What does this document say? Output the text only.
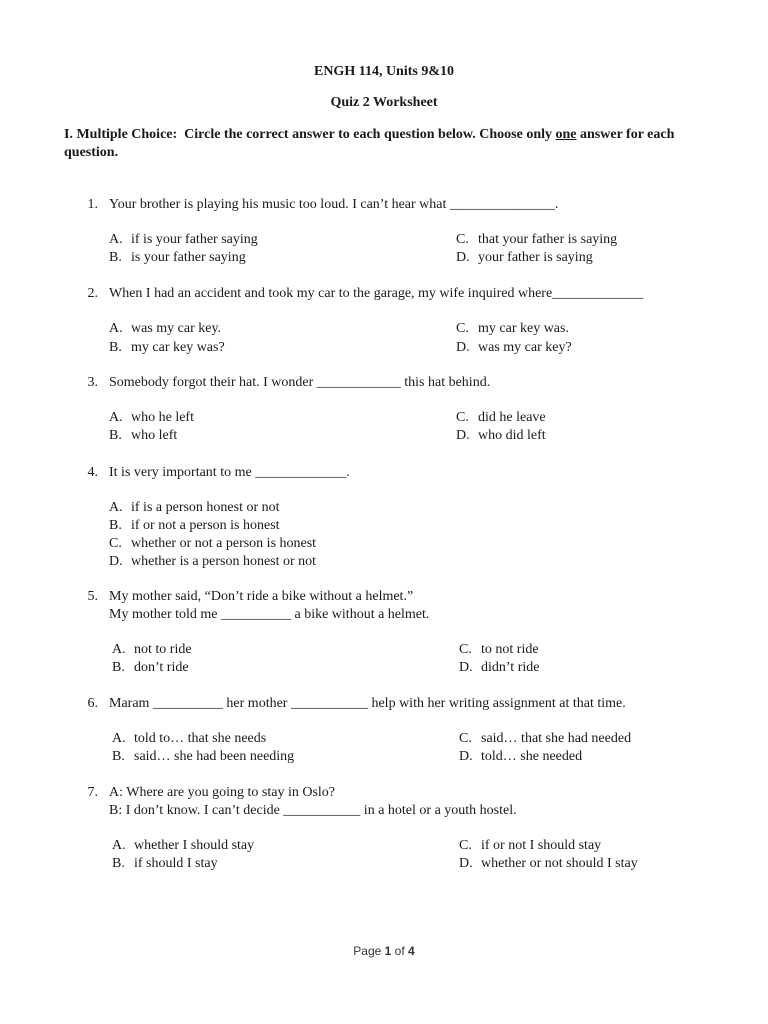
ENGH 114, Units 9&10
Quiz 2 Worksheet
I. Multiple Choice: Circle the correct answer to each question below. Choose only one answer for each question.
1. Your brother is playing his music too loud. I can’t hear what _______________.
A. if is your father saying
B. is your father saying
C. that your father is saying
D. your father is saying
2. When I had an accident and took my car to the garage, my wife inquired where_____________
A. was my car key.
B. my car key was?
C. my car key was.
D. was my car key?
3. Somebody forgot their hat. I wonder ____________ this hat behind.
A. who he left
B. who left
C. did he leave
D. who did left
4. It is very important to me _____________.
A. if is a person honest or not
B. if or not a person is honest
C. whether or not a person is honest
D. whether is a person honest or not
5. My mother said, “Don’t ride a bike without a helmet.”
My mother told me __________ a bike without a helmet.
A. not to ride
B. don’t ride
C. to not ride
D. didn’t ride
6. Maram __________ her mother ___________ help with her writing assignment at that time.
A. told to… that she needs
B. said… she had been needing
C. said… that she had needed
D. told… she needed
7. A: Where are you going to stay in Oslo?
B: I don’t know. I can’t decide ___________ in a hotel or a youth hostel.
A. whether I should stay
B. if should I stay
C. if or not I should stay
D. whether or not should I stay
Page 1 of 4
